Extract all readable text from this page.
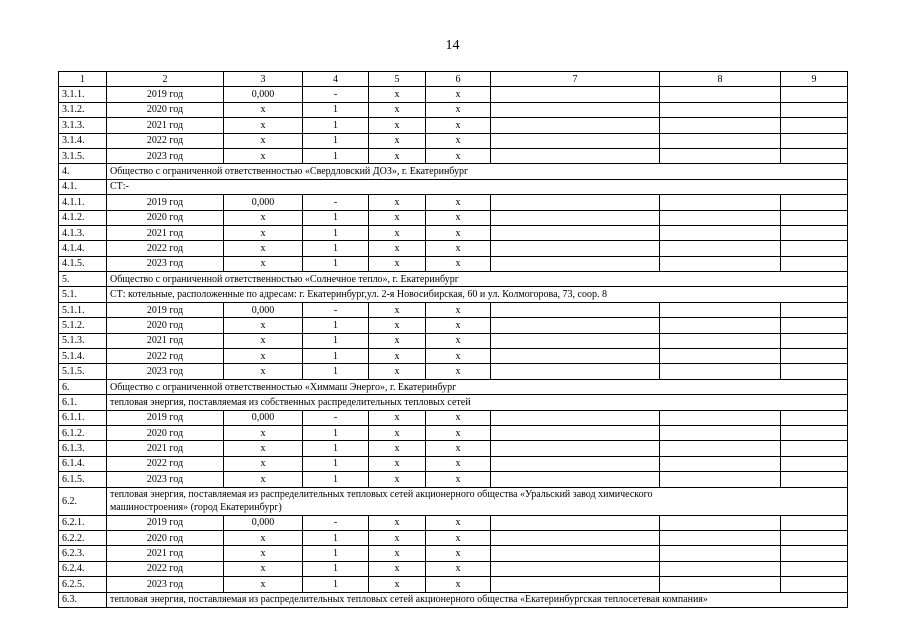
14
1	2	3	4	5	6	7	8	9
3.1.1.	2019 год	0,000	-	х	х			
3.1.2.	2020 год	х	1	х	х			
3.1.3.	2021 год	х	1	х	х			
3.1.4.	2022 год	х	1	х	х			
3.1.5.	2023 год	х	1	х	х			
4.	Общество с ограниченной ответственностью «Свердловский ДОЗ», г. Екатеринбург							
4.1.	СТ:-							
4.1.1.	2019 год	0,000	-	х	х			
4.1.2.	2020 год	х	1	х	х			
4.1.3.	2021 год	х	1	х	х			
4.1.4.	2022 год	х	1	х	х			
4.1.5.	2023 год	х	1	х	х			
5.	Общество с ограниченной ответственностью «Солнечное тепло», г. Екатеринбург							
5.1.	СТ: котельные, расположенные по адресам: г. Екатеринбург,ул. 2-я Новосибирская, 60 и ул. Колмогорова, 73, соор. 8							
5.1.1.	2019 год	0,000	-	х	х			
5.1.2.	2020 год	х	1	х	х			
5.1.3.	2021 год	х	1	х	х			
5.1.4.	2022 год	х	1	х	х			
5.1.5.	2023 год	х	1	х	х			
6.	Общество с ограниченной ответственностью «Химмаш Энерго», г. Екатеринбург							
6.1.	тепловая энергия, поставляемая из собственных распределительных тепловых сетей							
6.1.1.	2019 год	0,000	-	х	х			
6.1.2.	2020 год	х	1	х	х			
6.1.3.	2021 год	х	1	х	х			
6.1.4.	2022 год	х	1	х	х			
6.1.5.	2023 год	х	1	х	х			
6.2.	тепловая энергия, поставляемая из распределительных тепловых сетей акционерного общества «Уральский завод химического
машиностроения» (город Екатеринбург)							

6.2.1.	2019 год	0,000	-	х	х			
6.2.2.	2020 год	х	1	х	х			
6.2.3.	2021 год	х	1	х	х			
6.2.4.	2022 год	х	1	х	х			
6.2.5.	2023 год	х	1	х	х			
6.3.	тепловая энергия, поставляемая из распределительных тепловых сетей акционерного общества «Екатеринбургская теплосетевая компания»							
